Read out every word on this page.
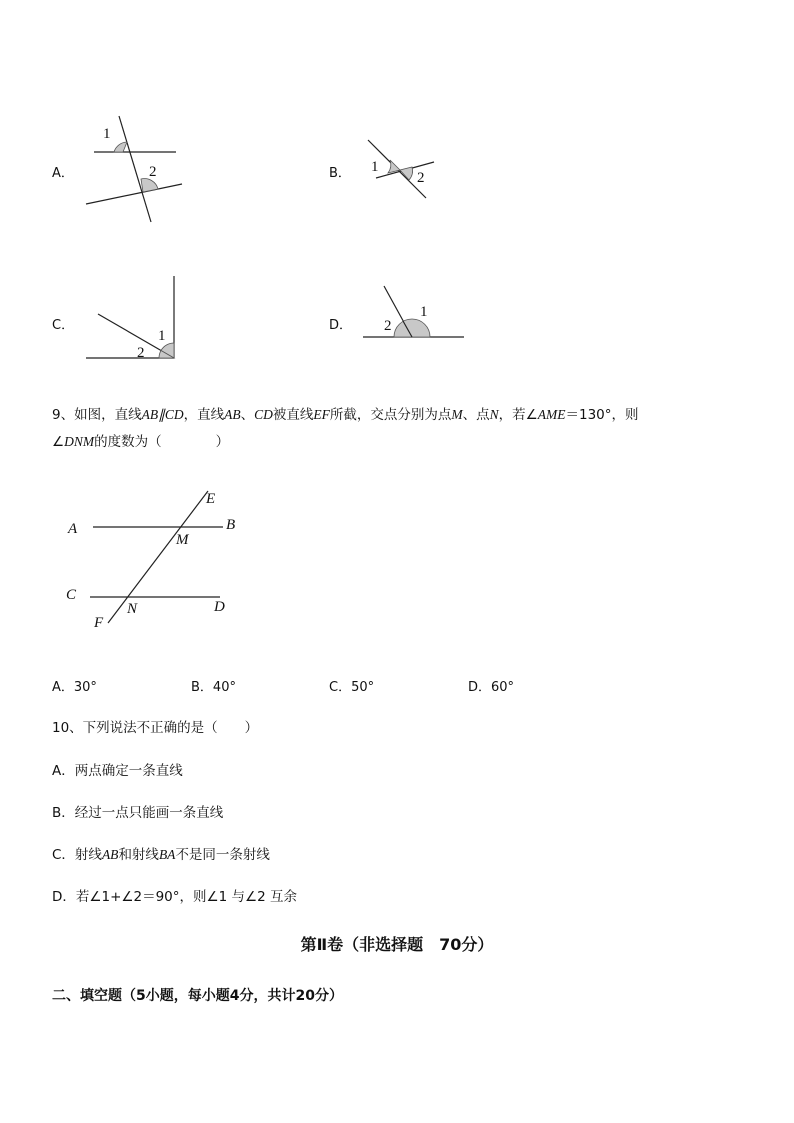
A．
1
2	B． 1
2
C．
1
2
D．
1
2
9、如图，直线AB∥CD，直线AB、CD被直线EF所截，交点分别为点M、点N，若∠AME＝130°，则
∠DNM的度数为（　　　　）
A	B
C
D
E
F
M
N
A．30°	B．40°	C．50°	D．60°
10、下列说法不正确的是（　　）
A．两点确定一条直线
B．经过一点只能画一条直线
C．射线AB和射线BA不是同一条射线
D．若∠1+∠2＝90°，则∠1 与∠2 互余
第Ⅱ卷（非选择题　70分）
二、填空题（5小题，每小题4分，共计20分）
